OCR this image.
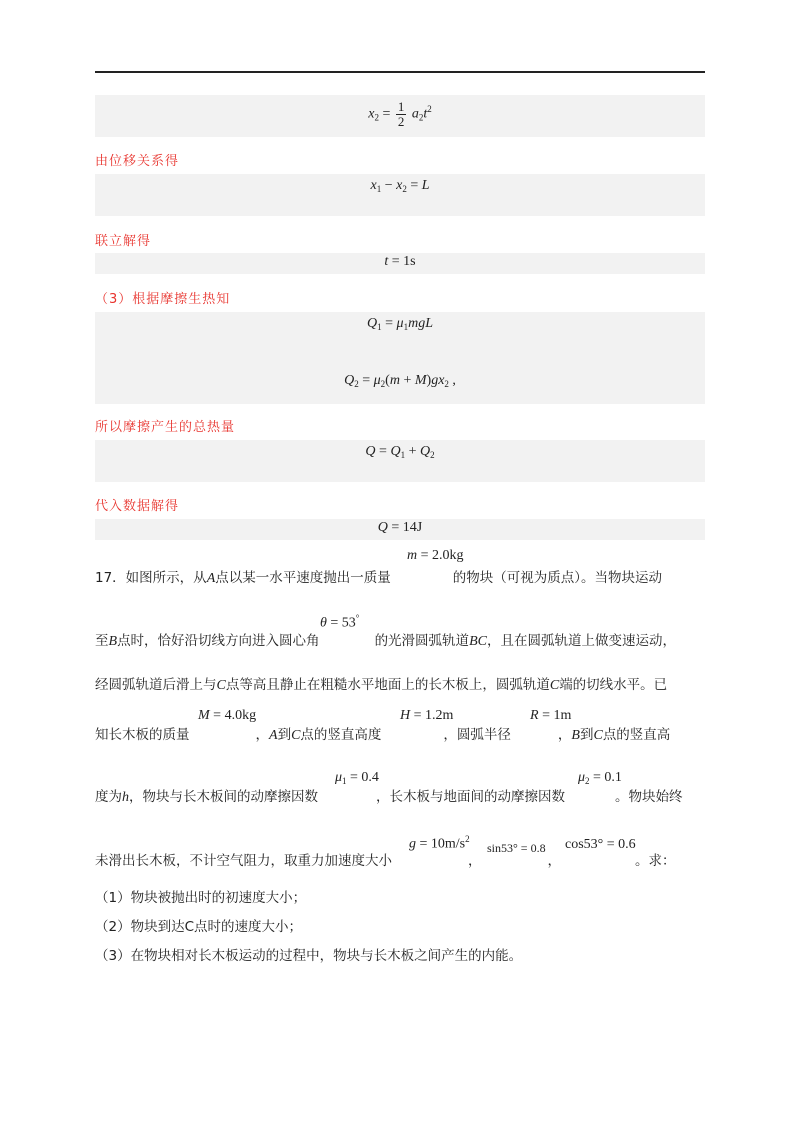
$x_2 = \frac{1}{2} a_2t^2$
由位移关系得
$x_1 - x_2 = L$
联立解得
t = 1s
（3）根据摩擦生热知
$Q_1 = \mu_1mgL$
$Q_2 = \mu_2(m + M)gx_2$ ,
所以摩擦产生的总热量
$Q = Q_1 + Q_2$
代入数据解得
Q = 14J
17．如图所示，从A点以某一水平速度抛出一质量	的物块（可视为质点）。当物块运动
m = 2.0kg
至B点时，恰好沿切线方向进入圆心角	的光滑圆弧轨道BC，且在圆弧轨道上做变速运动，
θ = 53°
经圆弧轨道后滑上与C点等高且静止在粗糙水平地面上的长木板上，圆弧轨道C端的切线水平。已
知长木板的质量	，A到C点的竖直高度	，圆弧半径	，B到C点的竖直高
M = 4.0kg	H = 1.2m	R = 1m
度为h，物块与长木板间的动摩擦因数	，长木板与地面间的动摩擦因数	。物块始终
$\mu_1 = 0.4$	$\mu_2 = 0.1$
未滑出长木板，不计空气阻力，取重力加速度大小	，	，	。求：
$g = 10m/s^2$
sin53° = 0.8 cos53° = 0.6
（1）物块被抛出时的初速度大小；
（2）物块到达C点时的速度大小；
（3）在物块相对长木板运动的过程中，物块与长木板之间产生的内能。
